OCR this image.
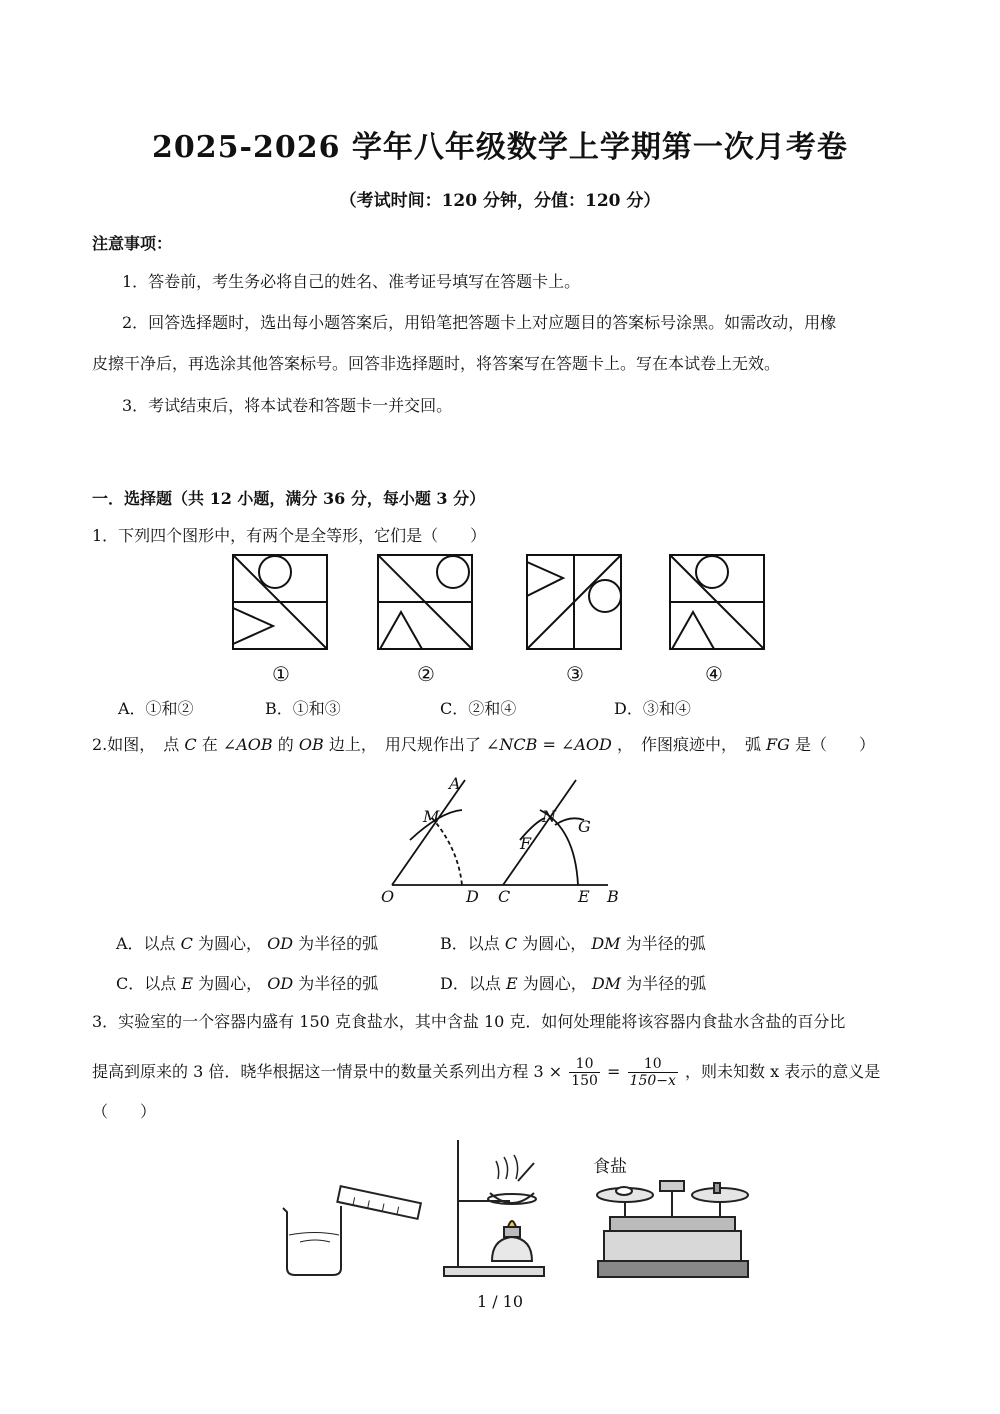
2025-2026 学年八年级数学上学期第一次月考卷
（考试时间：120 分钟，分值：120 分）
注意事项：
1．答卷前，考生务必将自己的姓名、准考证号填写在答题卡上。
2．回答选择题时，选出每小题答案后，用铅笔把答题卡上对应题目的答案标号涂黑。如需改动，用橡
皮擦干净后，再选涂其他答案标号。回答非选择题时，将答案写在答题卡上。写在本试卷上无效。
3．考试结束后，将本试卷和答题卡一并交回。
一．选择题（共 12 小题，满分 36 分，每小题 3 分）
1．下列四个图形中，有两个是全等形，它们是（　　）
①	②	③	④
A．①和②	B．①和③	C．②和④	D．③和④
2.如图，　点 C 在 ∠AOB 的 OB 边上，　用尺规作出了 ∠NCB = ∠AOD ，　作图痕迹中，　弧 FG 是（　　）
A
M	N
G
F
O	D C	E B
A．以点 C 为圆心， OD 为半径的弧	B．以点 C 为圆心， DM 为半径的弧
C．以点 E 为圆心， OD 为半径的弧	D．以点 E 为圆心， DM 为半径的弧
3．实验室的一个容器内盛有 150 克食盐水，其中含盐 10 克．如何处理能将该容器内食盐水含盐的百分比
提高到原来的 3 倍．晓华根据这一情景中的数量关系列出方程 $3 \times \frac{10}{150} = \frac{10}{150-x}$ ，则未知数 x 表示的意义是
（　　）
食盐
1 / 10
